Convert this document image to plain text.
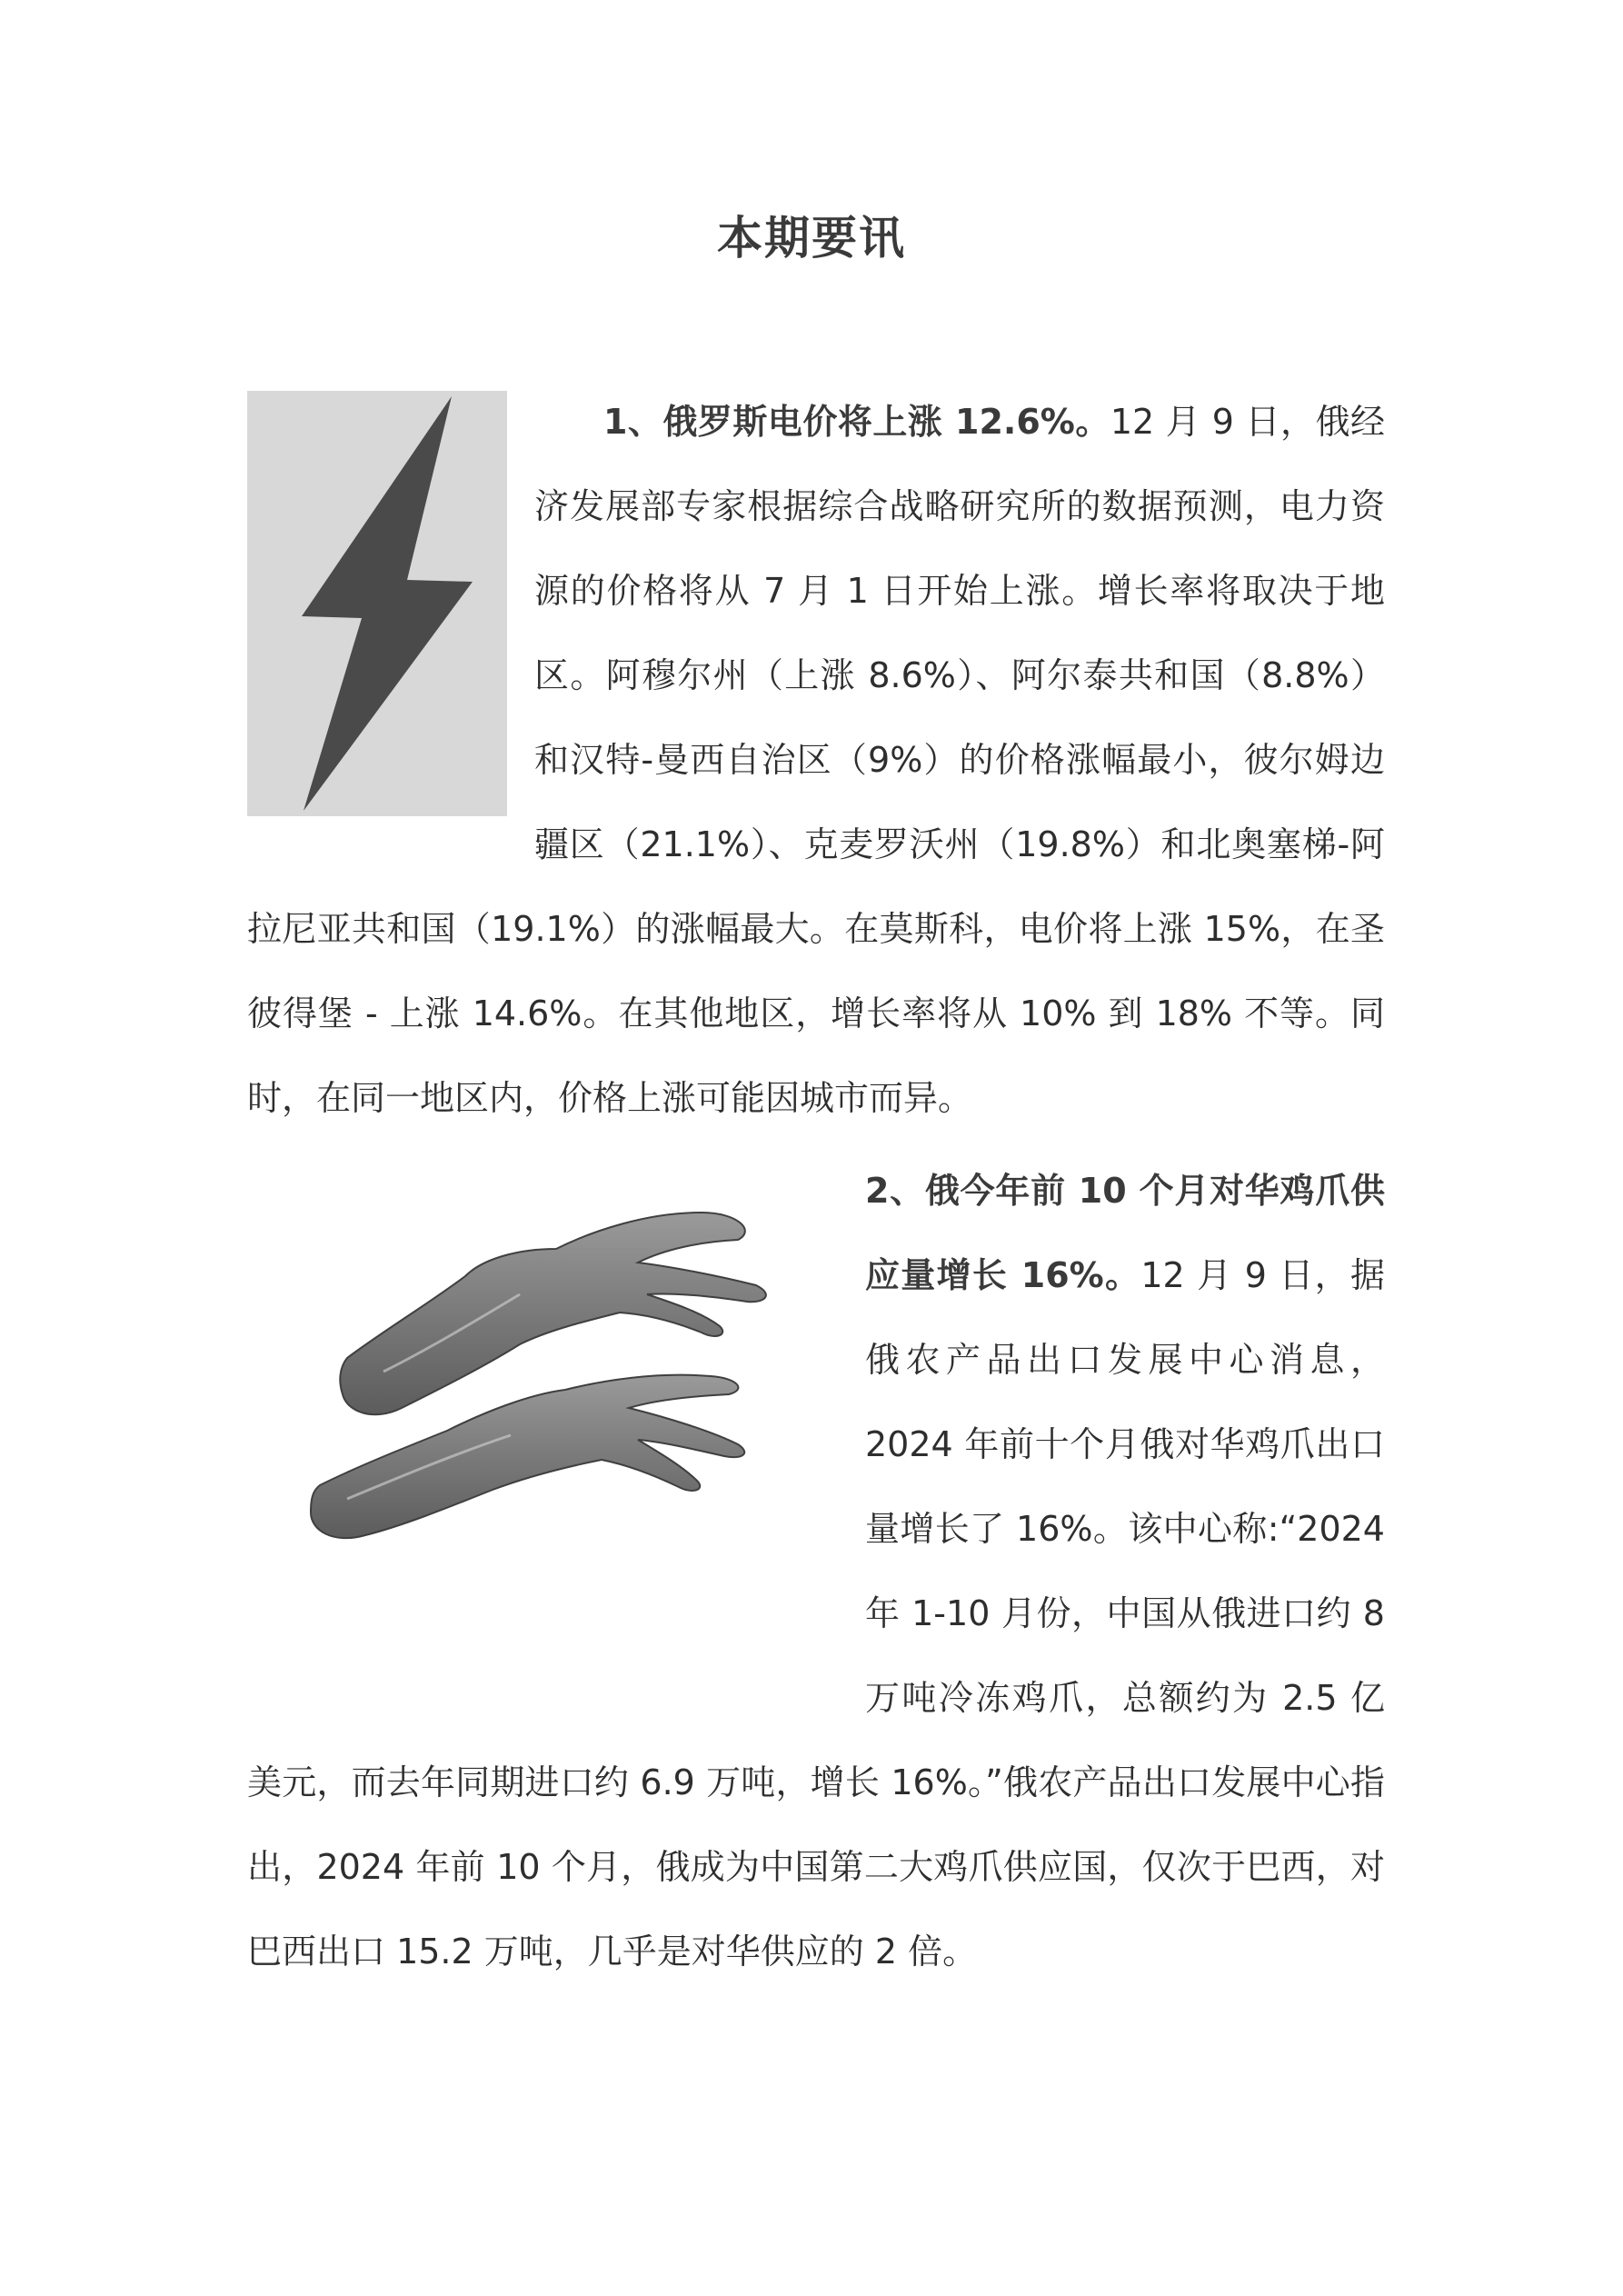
本期要讯

1、俄罗斯电价将上涨 12.6%。12 月 9 日，俄经济发展部专家根据综合战略研究所的数据预测，电力资源的价格将从 7 月 1 日开始上涨。增长率将取决于地区。阿穆尔州（上涨 8.6%）、阿尔泰共和国（8.8%）和汉特-曼西自治区（9%）的价格涨幅最小，彼尔姆边疆区（21.1%）、克麦罗沃州（19.8%）和北奥塞梯-阿拉尼亚共和国（19.1%）的涨幅最大。在莫斯科，电价将上涨 15%，在圣彼得堡 - 上涨 14.6%。在其他地区，增长率将从 10% 到 18% 不等。同时，在同一地区内，价格上涨可能因城市而异。

2、俄今年前 10 个月对华鸡爪供应量增长 16%。12 月 9 日，据俄农产品出口发展中心消息，2024 年前十个月俄对华鸡爪出口量增长了 16%。该中心称:“2024 年 1-10 月份，中国从俄进口约 8 万吨冷冻鸡爪，总额约为 2.5 亿美元，而去年同期进口约 6.9 万吨，增长 16%。”俄农产品出口发展中心指出，2024 年前 10 个月，俄成为中国第二大鸡爪供应国，仅次于巴西，对巴西出口 15.2 万吨，几乎是对华供应的 2 倍。
